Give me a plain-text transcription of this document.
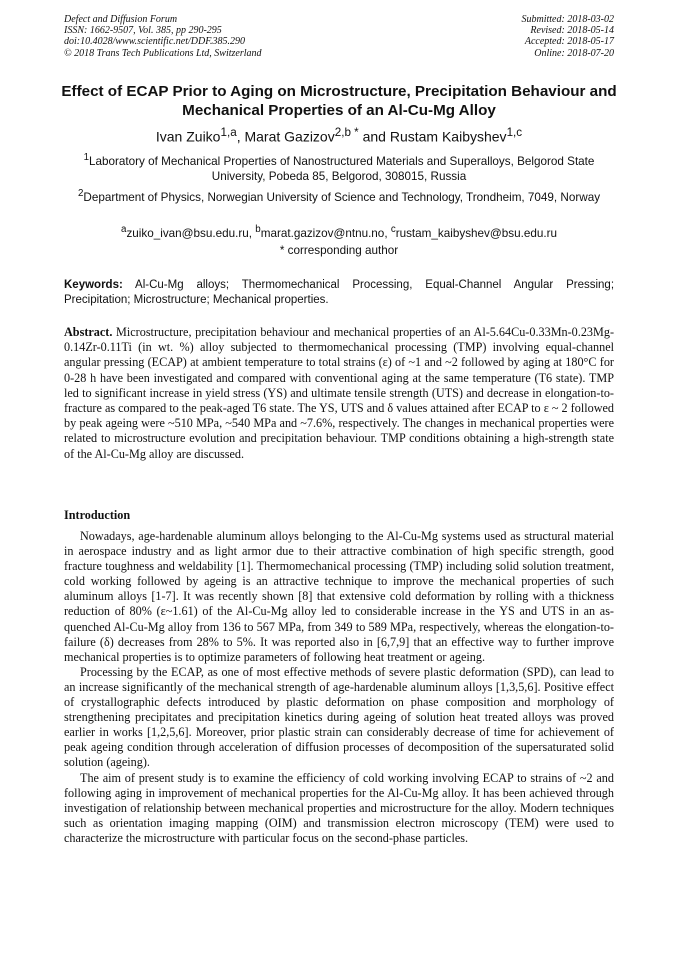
Defect and Diffusion Forum
ISSN: 1662-9507, Vol. 385, pp 290-295
doi:10.4028/www.scientific.net/DDF.385.290
© 2018 Trans Tech Publications Ltd, Switzerland
Submitted: 2018-03-02
Revised: 2018-05-14
Accepted: 2018-05-17
Online: 2018-07-20
Effect of ECAP Prior to Aging on Microstructure, Precipitation Behaviour and Mechanical Properties of an Al-Cu-Mg Alloy
Ivan Zuiko$^{1,a}$, Marat Gazizov$^{2,b *}$ and Rustam Kaibyshev$^{1,c}$
$^1$Laboratory of Mechanical Properties of Nanostructured Materials and Superalloys, Belgorod State University, Pobeda 85, Belgorod, 308015, Russia
$^2$Department of Physics, Norwegian University of Science and Technology, Trondheim, 7049, Norway
$^a$zuiko_ivan@bsu.edu.ru, $^b$marat.gazizov@ntnu.no, $^c$rustam_kaibyshev@bsu.edu.ru
* corresponding author
Keywords: Al-Cu-Mg alloys; Thermomechanical Processing, Equal-Channel Angular Pressing; Precipitation; Microstructure; Mechanical properties.
Abstract. Microstructure, precipitation behaviour and mechanical properties of an Al-5.64Cu-0.33Mn-0.23Mg-0.14Zr-0.11Ti (in wt. %) alloy subjected to thermomechanical processing (TMP) involving equal-channel angular pressing (ECAP) at ambient temperature to total strains (ε) of ~1 and ~2 followed by aging at 180°C for 0-28 h have been investigated and compared with conventional aging at the same temperature (T6 state). TMP led to significant increase in yield stress (YS) and ultimate tensile strength (UTS) and decrease in elongation-to-fracture as compared to the peak-aged T6 state. The YS, UTS and δ values attained after ECAP to ε ~ 2 followed by peak ageing were ~510 MPa, ~540 MPa and ~7.6%, respectively. The changes in mechanical properties were related to microstructure evolution and precipitation behaviour. TMP conditions obtaining a high-strength state of the Al-Cu-Mg alloy are discussed.
Introduction

Nowadays, age-hardenable aluminum alloys belonging to the Al-Cu-Mg systems used as structural material in aerospace industry and as light armor due to their attractive combination of high specific strength, good fracture toughness and weldability [1]. Thermomechanical processing (TMP) including solid solution treatment, cold working followed by ageing is an attractive technique to improve the mechanical properties of such aluminum alloys [1-7]. It was recently shown [8] that extensive cold deformation by rolling with a thickness reduction of 80% (ε~1.61) of the Al-Cu-Mg alloy led to considerable increase in the YS and UTS in an as-quenched Al-Cu-Mg alloy from 136 to 567 MPa, from 349 to 589 MPa, respectively, whereas the elongation-to-failure (δ) decreases from 28% to 5%. It was reported also in [6,7,9] that an effective way to further improve mechanical properties is to optimize parameters of following heat treatment or ageing.

Processing by the ECAP, as one of most effective methods of severe plastic deformation (SPD), can lead to an increase significantly of the mechanical strength of age-hardenable aluminum alloys [1,3,5,6]. Positive effect of crystallographic defects introduced by plastic deformation on phase composition and morphology of strengthening precipitates and precipitation kinetics during ageing of solution heat treated alloys was proved earlier in works [1,2,5,6]. Moreover, prior plastic strain can considerably decrease of time for achievement of peak ageing condition through acceleration of diffusion processes of decomposition of the supersaturated solid solution (ageing).

The aim of present study is to examine the efficiency of cold working involving ECAP to strains of ~2 and following aging in improvement of mechanical properties for the Al-Cu-Mg alloy. It has been achieved through investigation of relationship between mechanical properties and microstructure for the alloy. Modern techniques such as orientation imaging mapping (OIM) and transmission electron microscopy (TEM) were used to characterize the microstructure with particular focus on the second-phase particles.
